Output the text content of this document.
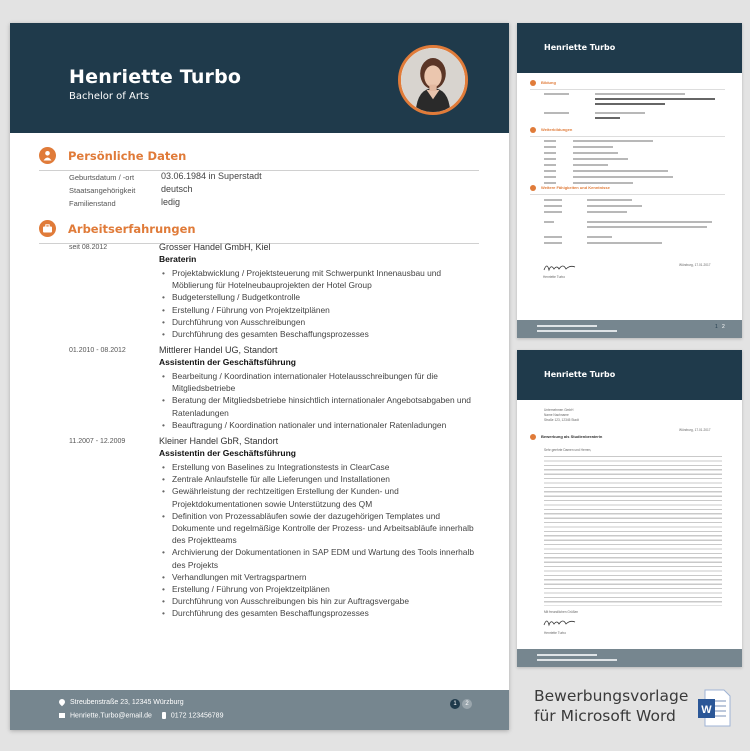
Henriette Turbo
Bachelor of Arts
Persönliche Daten
Geburtsdatum / -ort	03.06.1984 in Superstadt
Staatsangehörigkeit	deutsch
Familienstand	ledig
Arbeitserfahrungen
seit 08.2012	Grosser Handel GmbH, Kiel
Beraterin
• Projektabwicklung / Projektsteuerung mit Schwerpunkt Innenausbau und Möblierung für Hotelneubauprojekten der Hotel Group
• Budgeterstellung / Budgetkontrolle
• Erstellung / Führung von Projektzeitplänen
• Durchführung von Ausschreibungen
• Durchführung des gesamten Beschaffungsprozesses
01.2010 - 08.2012	Mittlerer Handel UG, Standort
Assistentin der Geschäftsführung
• Bearbeitung / Koordination internationaler Hotelausschreibungen für die Mitgliedsbetriebe
• Beratung der Mitgliedsbetriebe hinsichtlich internationaler Angebotsabgaben und Ratenladungen
• Beauftragung / Koordination nationaler und internationaler Ratenladungen
11.2007 - 12.2009	Kleiner Handel GbR, Standort
Assistentin der Geschäftsführung
• Erstellung von Baselines zu Integrationstests in ClearCase
• Zentrale Anlaufstelle für alle Lieferungen und Installationen
• Gewährleistung der rechtzeitigen Erstellung der Kunden- und Projektdokumentationen sowie Unterstützung des QM
• Definition von Prozessabläufen sowie der dazugehörigen Templates und Dokumente und regelmäßige Kontrolle der Prozess- und Arbeitsabläufe innerhalb des Projektteams
• Archivierung der Dokumentationen in SAP EDM und Wartung des Tools innerhalb des Projekts
• Verhandlungen mit Vertragspartnern
• Erstellung / Führung von Projektzeitplänen
• Durchführung von Ausschreibungen bis hin zur Auftragsvergabe
• Durchführung des gesamten Beschaffungsprozesses
Streubenstraße 23, 12345 Würzburg
Henriette.Turbo@email.de	0172 123456789
1	2
Henriette Turbo
Bildung
Weiterbildungen
Weitere Fähigkeiten und Kenntnisse
Henriette Turbo
Würzburg, 17.01.2017
1 2
Henriette Turbo
Unternehmen GmbH
Name Nachname
Straße 123, 12345 Stadt
Würzburg, 17.01.2017
Bewerbung als Studienberaterin
Sehr geehrte Damen und Herren,
Mit freundlichen Grüßen
Henriette Turbo
Bewerbungsvorlage
für Microsoft Word	W
